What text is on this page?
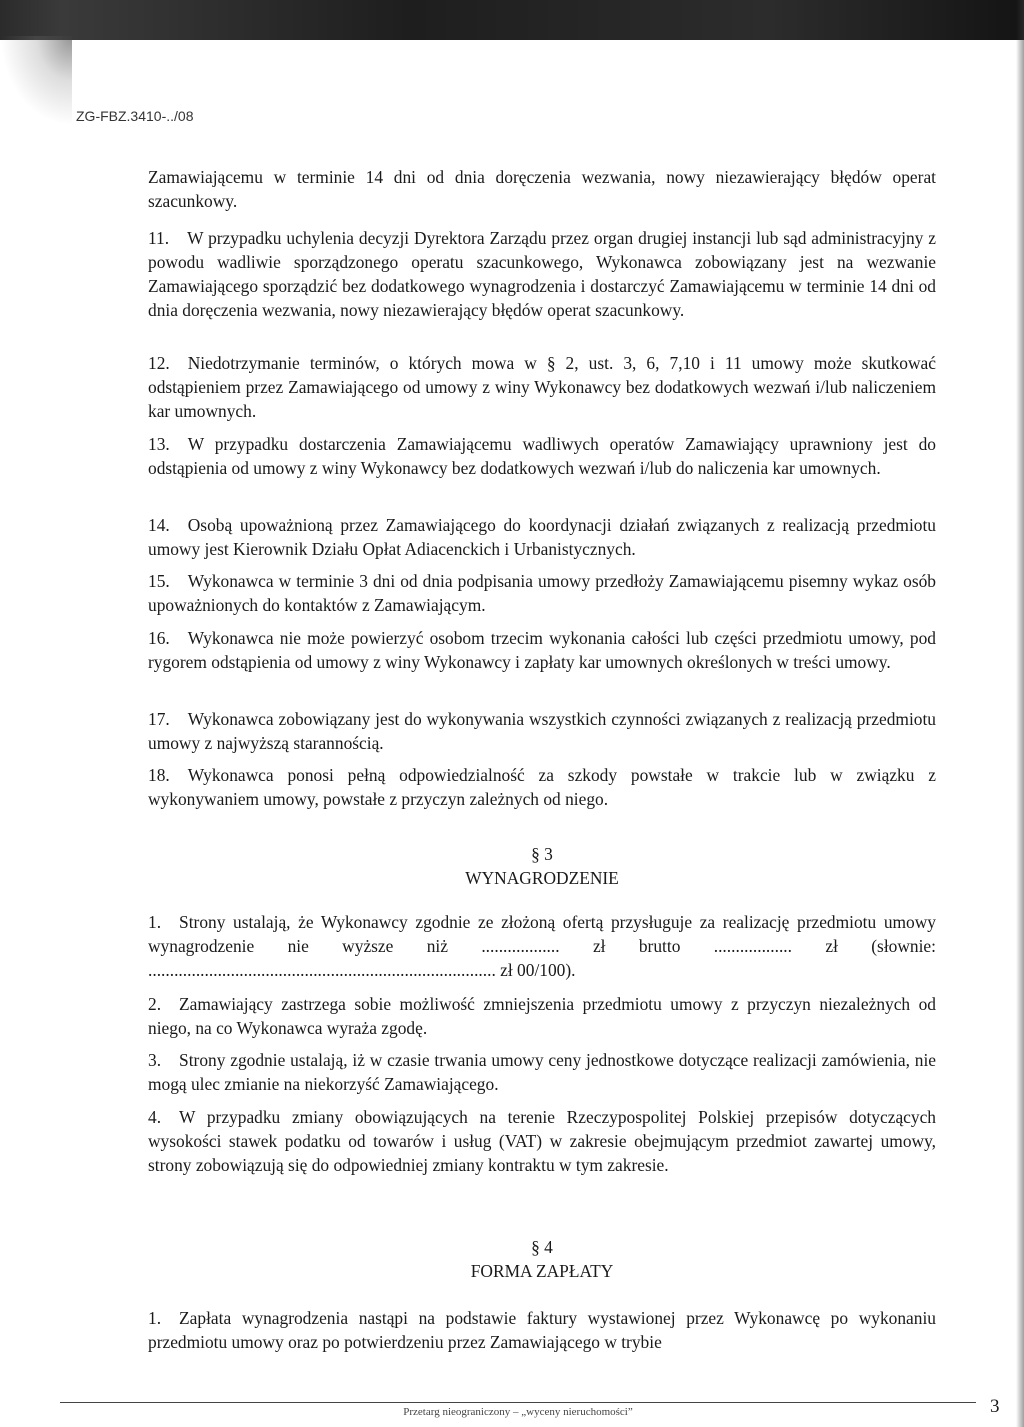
ZG-FBZ.3410-../08

Zamawiającemu w terminie 14 dni od dnia doręczenia wezwania, nowy niezawierający błędów operat szacunkowy.

11. W przypadku uchylenia decyzji Dyrektora Zarządu przez organ drugiej instancji lub sąd administracyjny z powodu wadliwie sporządzonego operatu szacunkowego, Wykonawca zobowiązany jest na wezwanie Zamawiającego sporządzić bez dodatkowego wynagrodzenia i dostarczyć Zamawiającemu w terminie 14 dni od dnia doręczenia wezwania, nowy niezawierający błędów operat szacunkowy.

12. Niedotrzymanie terminów, o których mowa w § 2, ust. 3, 6, 7,10 i 11 umowy może skutkować odstąpieniem przez Zamawiającego od umowy z winy Wykonawcy bez dodatkowych wezwań i/lub naliczeniem kar umownych.

13. W przypadku dostarczenia Zamawiającemu wadliwych operatów Zamawiający uprawniony jest do odstąpienia od umowy z winy Wykonawcy bez dodatkowych wezwań i/lub do naliczenia kar umownych.

14. Osobą upoważnioną przez Zamawiającego do koordynacji działań związanych z realizacją przedmiotu umowy jest Kierownik Działu Opłat Adiacenckich i Urbanistycznych.

15. Wykonawca w terminie 3 dni od dnia podpisania umowy przedłoży Zamawiającemu pisemny wykaz osób upoważnionych do kontaktów z Zamawiającym.

16. Wykonawca nie może powierzyć osobom trzecim wykonania całości lub części przedmiotu umowy, pod rygorem odstąpienia od umowy z winy Wykonawcy i zapłaty kar umownych określonych w treści umowy.

17. Wykonawca zobowiązany jest do wykonywania wszystkich czynności związanych z realizacją przedmiotu umowy z najwyższą starannością.

18. Wykonawca ponosi pełną odpowiedzialność za szkody powstałe w trakcie lub w związku z wykonywaniem umowy, powstałe z przyczyn zależnych od niego.

§ 3
WYNAGRODZENIE

1. Strony ustalają, że Wykonawcy zgodnie ze złożoną ofertą przysługuje za realizację przedmiotu umowy wynagrodzenie nie wyższe niż .................. zł brutto .................. zł (słownie: ................................................................................ zł 00/100).

2. Zamawiający zastrzega sobie możliwość zmniejszenia przedmiotu umowy z przyczyn niezależnych od niego, na co Wykonawca wyraża zgodę.

3. Strony zgodnie ustalają, iż w czasie trwania umowy ceny jednostkowe dotyczące realizacji zamówienia, nie mogą ulec zmianie na niekorzyść Zamawiającego.

4. W przypadku zmiany obowiązujących na terenie Rzeczypospolitej Polskiej przepisów dotyczących wysokości stawek podatku od towarów i usług (VAT) w zakresie obejmującym przedmiot zawartej umowy, strony zobowiązują się do odpowiedniej zmiany kontraktu w tym zakresie.

§ 4
FORMA ZAPŁATY

1. Zapłata wynagrodzenia nastąpi na podstawie faktury wystawionej przez Wykonawcę po wykonaniu przedmiotu umowy oraz po potwierdzeniu przez Zamawiającego w trybie

Przetarg nieograniczony – „wyceny nieruchomości”	3
